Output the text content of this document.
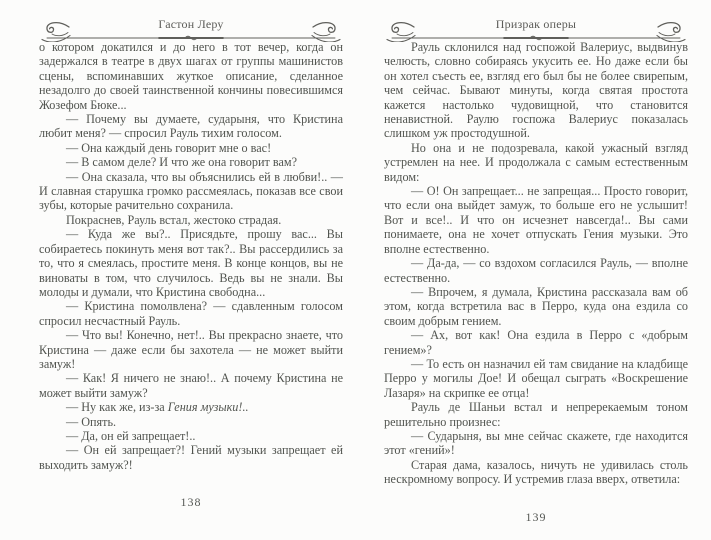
Гастон Леру

о котором докатился и до него в тот вечер, когда он задержался в театре в двух шагах от группы машинистов сцены, вспоминавших жуткое описание, сделанное незадолго до своей таинственной кончины повесившимся Жозефом Бюке...

— Почему вы думаете, сударыня, что Кристина любит меня? — спросил Рауль тихим голосом.

— Она каждый день говорит мне о вас!

— В самом деле? И что же она говорит вам?

— Она сказала, что вы объяснились ей в любви!.. — И славная старушка громко рассмеялась, показав все свои зубы, которые рачительно сохранила.

Покраснев, Рауль встал, жестоко страдая.

— Куда же вы?.. Присядьте, прошу вас... Вы собираетесь покинуть меня вот так?.. Вы рассердились за то, что я смеялась, простите меня. В конце концов, вы не виноваты в том, что случилось. Ведь вы не знали. Вы молоды и думали, что Кристина свободна...

— Кристина помолвлена? — сдавленным голосом спросил несчастный Рауль.

— Что вы! Конечно, нет!.. Вы прекрасно знаете, что Кристина — даже если бы захотела — не может выйти замуж!

— Как! Я ничего не знаю!.. А почему Кристина не может выйти замуж?

— Ну как же, из-за Гения музыки!..

— Опять.

— Да, он ей запрещает!..

— Он ей запрещает?! Гений музыки запрещает ей выходить замуж?!

138
Призрак оперы

Рауль склонился над госпожой Валериус, выдвинув челюсть, словно собираясь укусить ее. Но даже если бы он хотел съесть ее, взгляд его был бы не более свирепым, чем сейчас. Бывают минуты, когда святая простота кажется настолько чудовищной, что становится ненавистной. Раулю госпожа Валериус показалась слишком уж простодушной.

Но она и не подозревала, какой ужасный взгляд устремлен на нее. И продолжала с самым естественным видом:

— О! Он запрещает... не запрещая... Просто говорит, что если она выйдет замуж, то больше его не услышит! Вот и все!.. И что он исчезнет навсегда!.. Вы сами понимаете, она не хочет отпускать Гения музыки. Это вполне естественно.

— Да-да, — со вздохом согласился Рауль, — вполне естественно.

— Впрочем, я думала, Кристина рассказала вам об этом, когда встретила вас в Перро, куда она ездила со своим добрым гением.

— Ах, вот как! Она ездила в Перро с «добрым гением»?

— То есть он назначил ей там свидание на кладбище Перро у могилы Дое! И обещал сыграть «Воскрешение Лазаря» на скрипке ее отца!

Рауль де Шаньи встал и непререкаемым тоном решительно произнес:

— Сударыня, вы мне сейчас скажете, где находится этот «гений»!

Старая дама, казалось, ничуть не удивилась столь нескромному вопросу. И устремив глаза вверх, ответила:

139
